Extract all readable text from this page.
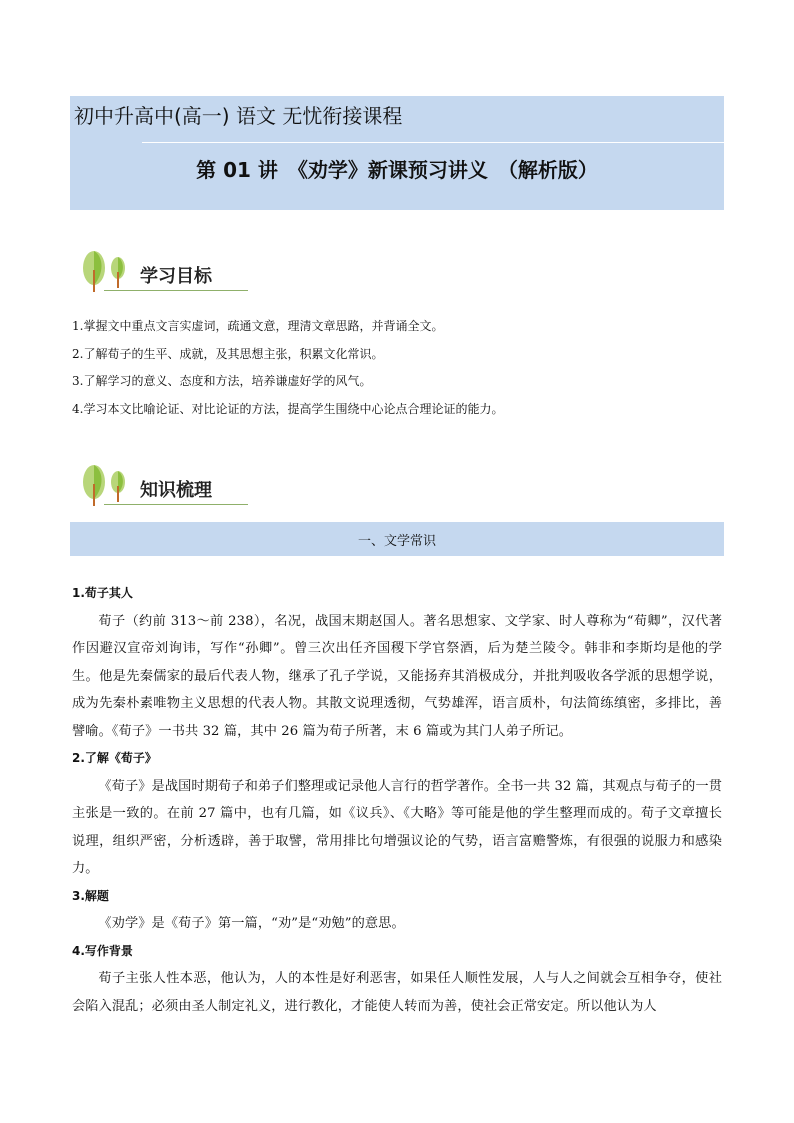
初中升高中(高一) 语文 无忧衔接课程
第 01 讲　《劝学》新课预习讲义　（解析版）
学习目标
1.掌握文中重点文言实虚词，疏通文意，理清文章思路，并背诵全文。
2.了解荀子的生平、成就，及其思想主张，积累文化常识。
3.了解学习的意义、态度和方法，培养谦虚好学的风气。
4.学习本文比喻论证、对比论证的方法，提高学生围绕中心论点合理论证的能力。
知识梳理
一、文学常识
1.荀子其人

荀子（约前 313～前 238），名况，战国末期赵国人。著名思想家、文学家、时人尊称为“荀卿”，汉代著作因避汉宣帝刘询讳，写作“孙卿”。曾三次出任齐国稷下学官祭酒，后为楚兰陵令。韩非和李斯均是他的学生。他是先秦儒家的最后代表人物，继承了孔子学说，又能扬弃其消极成分，并批判吸收各学派的思想学说，成为先秦朴素唯物主义思想的代表人物。其散文说理透彻，气势雄浑，语言质朴，句法简练缜密，多排比，善譬喻。《荀子》一书共 32 篇，其中 26 篇为荀子所著，末 6 篇或为其门人弟子所记。

2.了解《荀子》

《荀子》是战国时期荀子和弟子们整理或记录他人言行的哲学著作。全书一共 32 篇，其观点与荀子的一贯主张是一致的。在前 27 篇中，也有几篇，如《议兵》、《大略》等可能是他的学生整理而成的。荀子文章擅长说理，组织严密，分析透辟，善于取譬，常用排比句增强议论的气势，语言富赡警炼，有很强的说服力和感染力。

3.解题

《劝学》是《荀子》第一篇，“劝”是“劝勉”的意思。

4.写作背景

荀子主张人性本恶，他认为，人的本性是好利恶害，如果任人顺性发展，人与人之间就会互相争夺，使社会陷入混乱；必须由圣人制定礼义，进行教化，才能使人转而为善，使社会正常安定。所以他认为人
